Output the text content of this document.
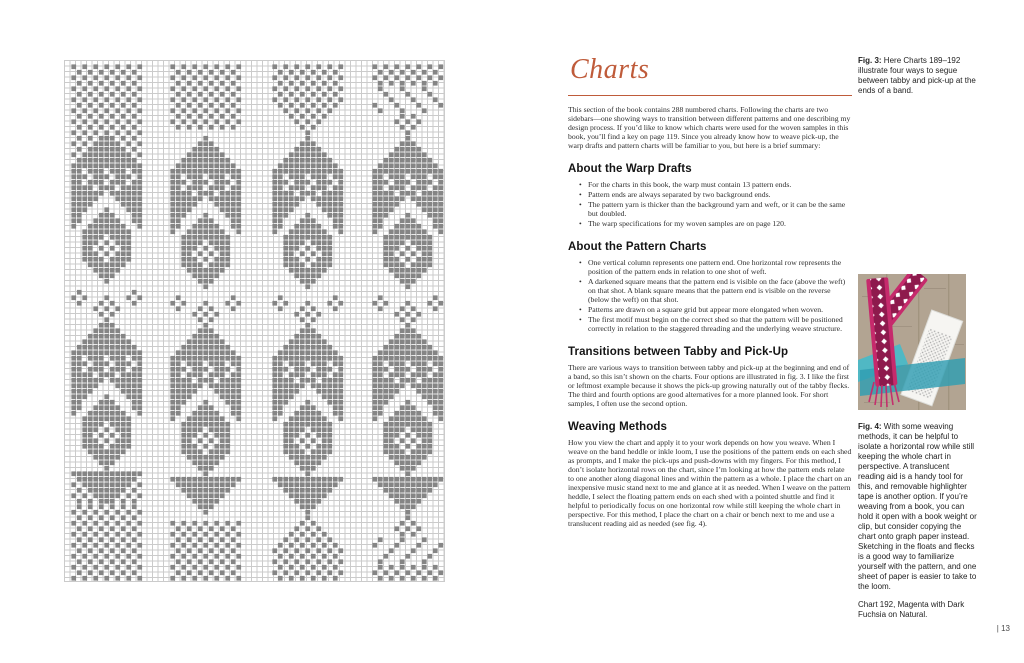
Charts

This section of the book contains 288 numbered charts. Following the charts are two sidebars—one showing ways to transition between different patterns and one describing my design process. If you’d like to know which charts were used for the woven samples in this book, you’ll find a key on page 119. Since you already know how to weave pick-up, the warp drafts and pattern charts will be familiar to you, but here is a brief summary:

About the Warp Drafts
• For the charts in this book, the warp must contain 13 pattern ends.
• Pattern ends are always separated by two background ends.
• The pattern yarn is thicker than the background yarn and weft, or it can be the same but doubled.
• The warp specifications for my woven samples are on page 120.
About the Pattern Charts
• One vertical column represents one pattern end. One horizontal row represents the position of the pattern ends in relation to one shot of weft.
• A darkened square means that the pattern end is visible on the face (above the weft) on that shot. A blank square means that the pattern end is visible on the reverse (below the weft) on that shot.
• Patterns are drawn on a square grid but appear more elongated when woven.
• The first motif must begin on the correct shed so that the pattern will be positioned correctly in relation to the staggered threading and the underlying weave structure.
Transitions between Tabby and Pick-Up

There are various ways to transition between tabby and pick-up at the beginning and end of a band, so this isn’t shown on the charts. Four options are illustrated in fig. 3. I like the first or leftmost example because it shows the pick-up growing naturally out of the tabby flecks. The third and fourth options are good alternatives for a more planned look. For short samples, I often use the second option.

Weaving Methods

How you view the chart and apply it to your work depends on how you weave. When I weave on the band heddle or inkle loom, I use the positions of the pattern ends on each shed as prompts, and I make the pick-ups and push-downs with my fingers. For this method, I don’t isolate horizontal rows on the chart, since I’m looking at how the pattern ends relate to one another along diagonal lines and within the pattern as a whole. I place the chart on an inexpensive music stand next to me and glance at it as needed. When I weave on the pattern heddle, I select the floating pattern ends on each shed with a pointed shuttle and find it helpful to periodically focus on one horizontal row while still keeping the whole chart in perspective. For this method, I place the chart on a chair or bench next to me and use a translucent reading aid as needed (see fig. 4).

Fig. 3: Here Charts 189–192 illustrate four ways to segue between tabby and pick-up at the ends of a band.

Fig. 4: With some weaving methods, it can be helpful to isolate a horizontal row while still keeping the whole chart in perspective. A translucent reading aid is a handy tool for this, and removable highlighter tape is another option. If you’re weaving from a book, you can hold it open with a book weight or clip, but consider copying the chart onto graph paper instead. Sketching in the floats and flecks is a good way to familiarize yourself with the pattern, and one sheet of paper is easier to take to the loom.

Chart 192, Magenta with Dark Fuchsia on Natural.

| 13
